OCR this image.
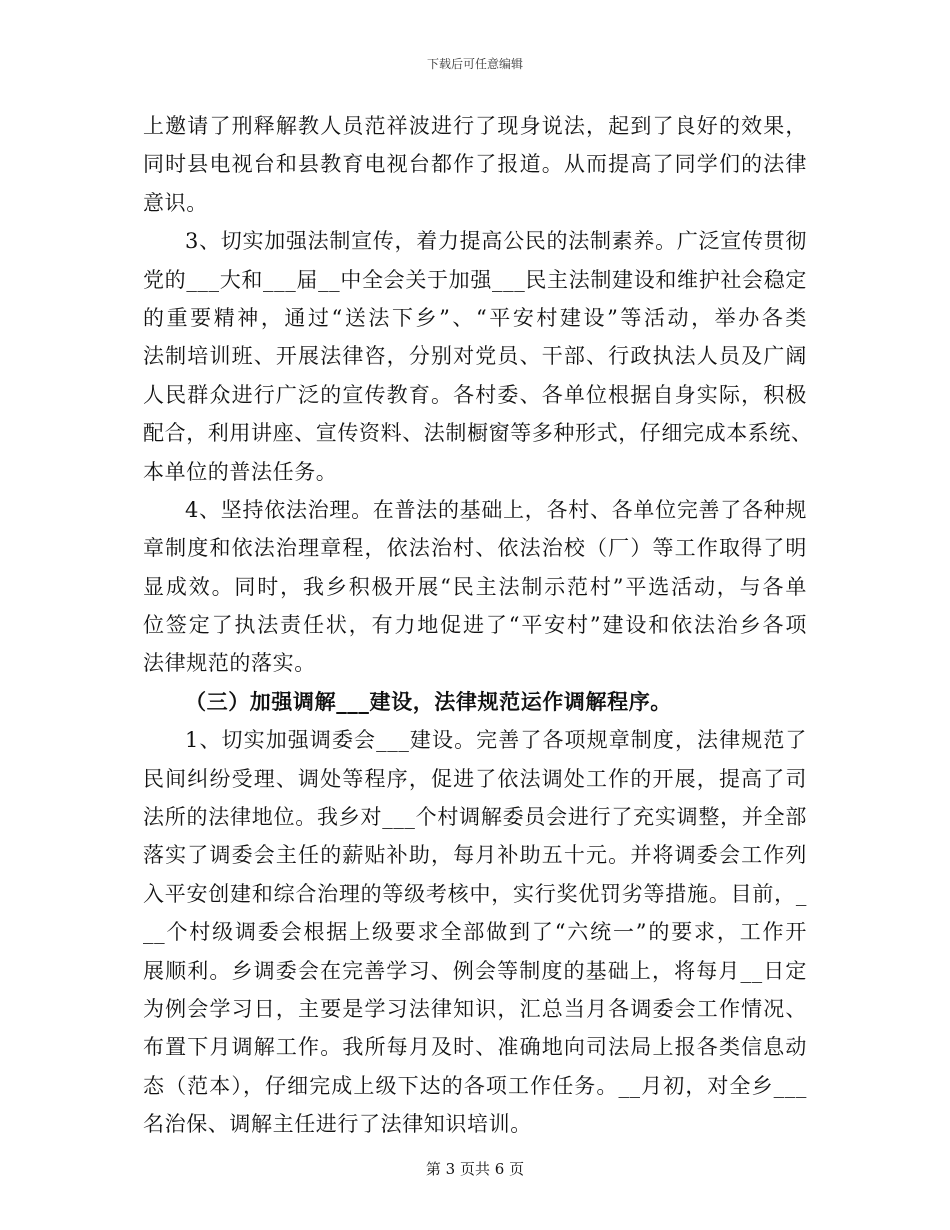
下载后可任意编辑
上邀请了刑释解教人员范祥波进行了现身说法，起到了良好的效果，
同时县电视台和县教育电视台都作了报道。从而提高了同学们的法律
意识。
3、切实加强法制宣传，着力提高公民的法制素养。广泛宣传贯彻
党的___大和___届__中全会关于加强___民主法制建设和维护社会稳定
的重要精神，通过“送法下乡”、“平安村建设”等活动，举办各类
法制培训班、开展法律咨，分别对党员、干部、行政执法人员及广阔
人民群众进行广泛的宣传教育。各村委、各单位根据自身实际，积极
配合，利用讲座、宣传资料、法制橱窗等多种形式，仔细完成本系统、
本单位的普法任务。
4、坚持依法治理。在普法的基础上，各村、各单位完善了各种规
章制度和依法治理章程，依法治村、依法治校（厂）等工作取得了明
显成效。同时，我乡积极开展“民主法制示范村”平选活动，与各单
位签定了执法责任状，有力地促进了“平安村”建设和依法治乡各项
法律规范的落实。
（三）加强调解___建设，法律规范运作调解程序。
1、切实加强调委会___建设。完善了各项规章制度，法律规范了
民间纠纷受理、调处等程序，促进了依法调处工作的开展，提高了司
法所的法律地位。我乡对___个村调解委员会进行了充实调整，并全部
落实了调委会主任的薪贴补助，每月补助五十元。并将调委会工作列
入平安创建和综合治理的等级考核中，实行奖优罚劣等措施。目前，_
__个村级调委会根据上级要求全部做到了“六统一”的要求，工作开
展顺利。乡调委会在完善学习、例会等制度的基础上，将每月__日定
为例会学习日，主要是学习法律知识，汇总当月各调委会工作情况、
布置下月调解工作。我所每月及时、准确地向司法局上报各类信息动
态（范本），仔细完成上级下达的各项工作任务。__月初，对全乡___
名治保、调解主任进行了法律知识培训。
第 3 页共 6 页
